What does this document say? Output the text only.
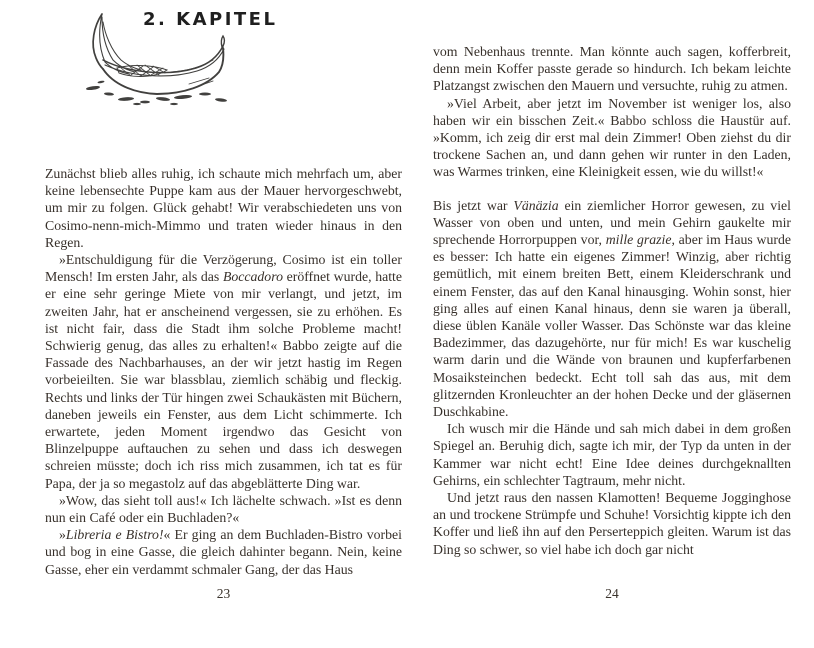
2. KAPITEL

Zunächst blieb alles ruhig, ich schaute mich mehrfach um, aber keine lebensechte Puppe kam aus der Mauer hervorgeschwebt, um mir zu folgen. Glück gehabt! Wir verabschiedeten uns von Cosimo-nenn-mich-Mimmo und traten wieder hinaus in den Regen.

»Entschuldigung für die Verzögerung, Cosimo ist ein toller Mensch! Im ersten Jahr, als das Boccadoro eröffnet wurde, hatte er eine sehr geringe Miete von mir verlangt, und jetzt, im zweiten Jahr, hat er anscheinend vergessen, sie zu erhöhen. Es ist nicht fair, dass die Stadt ihm solche Probleme macht! Schwierig genug, das alles zu erhalten!« Babbo zeigte auf die Fassade des Nachbarhauses, an der wir jetzt hastig im Regen vorbeieilten. Sie war blassblau, ziemlich schäbig und fleckig. Rechts und links der Tür hingen zwei Schaukästen mit Büchern, daneben jeweils ein Fenster, aus dem Licht schimmerte. Ich erwartete, jeden Moment irgendwo das Gesicht von Blinzelpuppe auftauchen zu sehen und dass ich deswegen schreien müsste; doch ich riss mich zusammen, ich tat es für Papa, der ja so megastolz auf das abgeblätterte Ding war.

»Wow, das sieht toll aus!« Ich lächelte schwach. »Ist es denn nun ein Café oder ein Buchladen?«

»Libreria e Bistro!« Er ging an dem Buchladen-Bistro vorbei und bog in eine Gasse, die gleich dahinter begann. Nein, keine Gasse, eher ein verdammt schmaler Gang, der das Haus

23

vom Nebenhaus trennte. Man könnte auch sagen, kofferbreit, denn mein Koffer passte gerade so hindurch. Ich bekam leichte Platzangst zwischen den Mauern und versuchte, ruhig zu atmen.

»Viel Arbeit, aber jetzt im November ist weniger los, also haben wir ein bisschen Zeit.« Babbo schloss die Haustür auf. »Komm, ich zeig dir erst mal dein Zimmer! Oben ziehst du dir trockene Sachen an, und dann gehen wir runter in den Laden, was Warmes trinken, eine Kleinigkeit essen, wie du willst!«

Bis jetzt war Vänäzia ein ziemlicher Horror gewesen, zu viel Wasser von oben und unten, und mein Gehirn gaukelte mir sprechende Horrorpuppen vor, mille grazie, aber im Haus wurde es besser: Ich hatte ein eigenes Zimmer! Winzig, aber richtig gemütlich, mit einem breiten Bett, einem Kleiderschrank und einem Fenster, das auf den Kanal hinausging. Wohin sonst, hier ging alles auf einen Kanal hinaus, denn sie waren ja überall, diese üblen Kanäle voller Wasser. Das Schönste war das kleine Badezimmer, das dazugehörte, nur für mich! Es war kuschelig warm darin und die Wände von braunen und kupferfarbenen Mosaiksteinchen bedeckt. Echt toll sah das aus, mit dem glitzernden Kronleuchter an der hohen Decke und der gläsernen Duschkabine.

Ich wusch mir die Hände und sah mich dabei in dem großen Spiegel an. Beruhig dich, sagte ich mir, der Typ da unten in der Kammer war nicht echt! Eine Idee deines durchgeknallten Gehirns, ein schlechter Tagtraum, mehr nicht.

Und jetzt raus den nassen Klamotten! Bequeme Jogginghose an und trockene Strümpfe und Schuhe! Vorsichtig kippte ich den Koffer und ließ ihn auf den Perserteppich gleiten. Warum ist das Ding so schwer, so viel habe ich doch gar nicht

24
